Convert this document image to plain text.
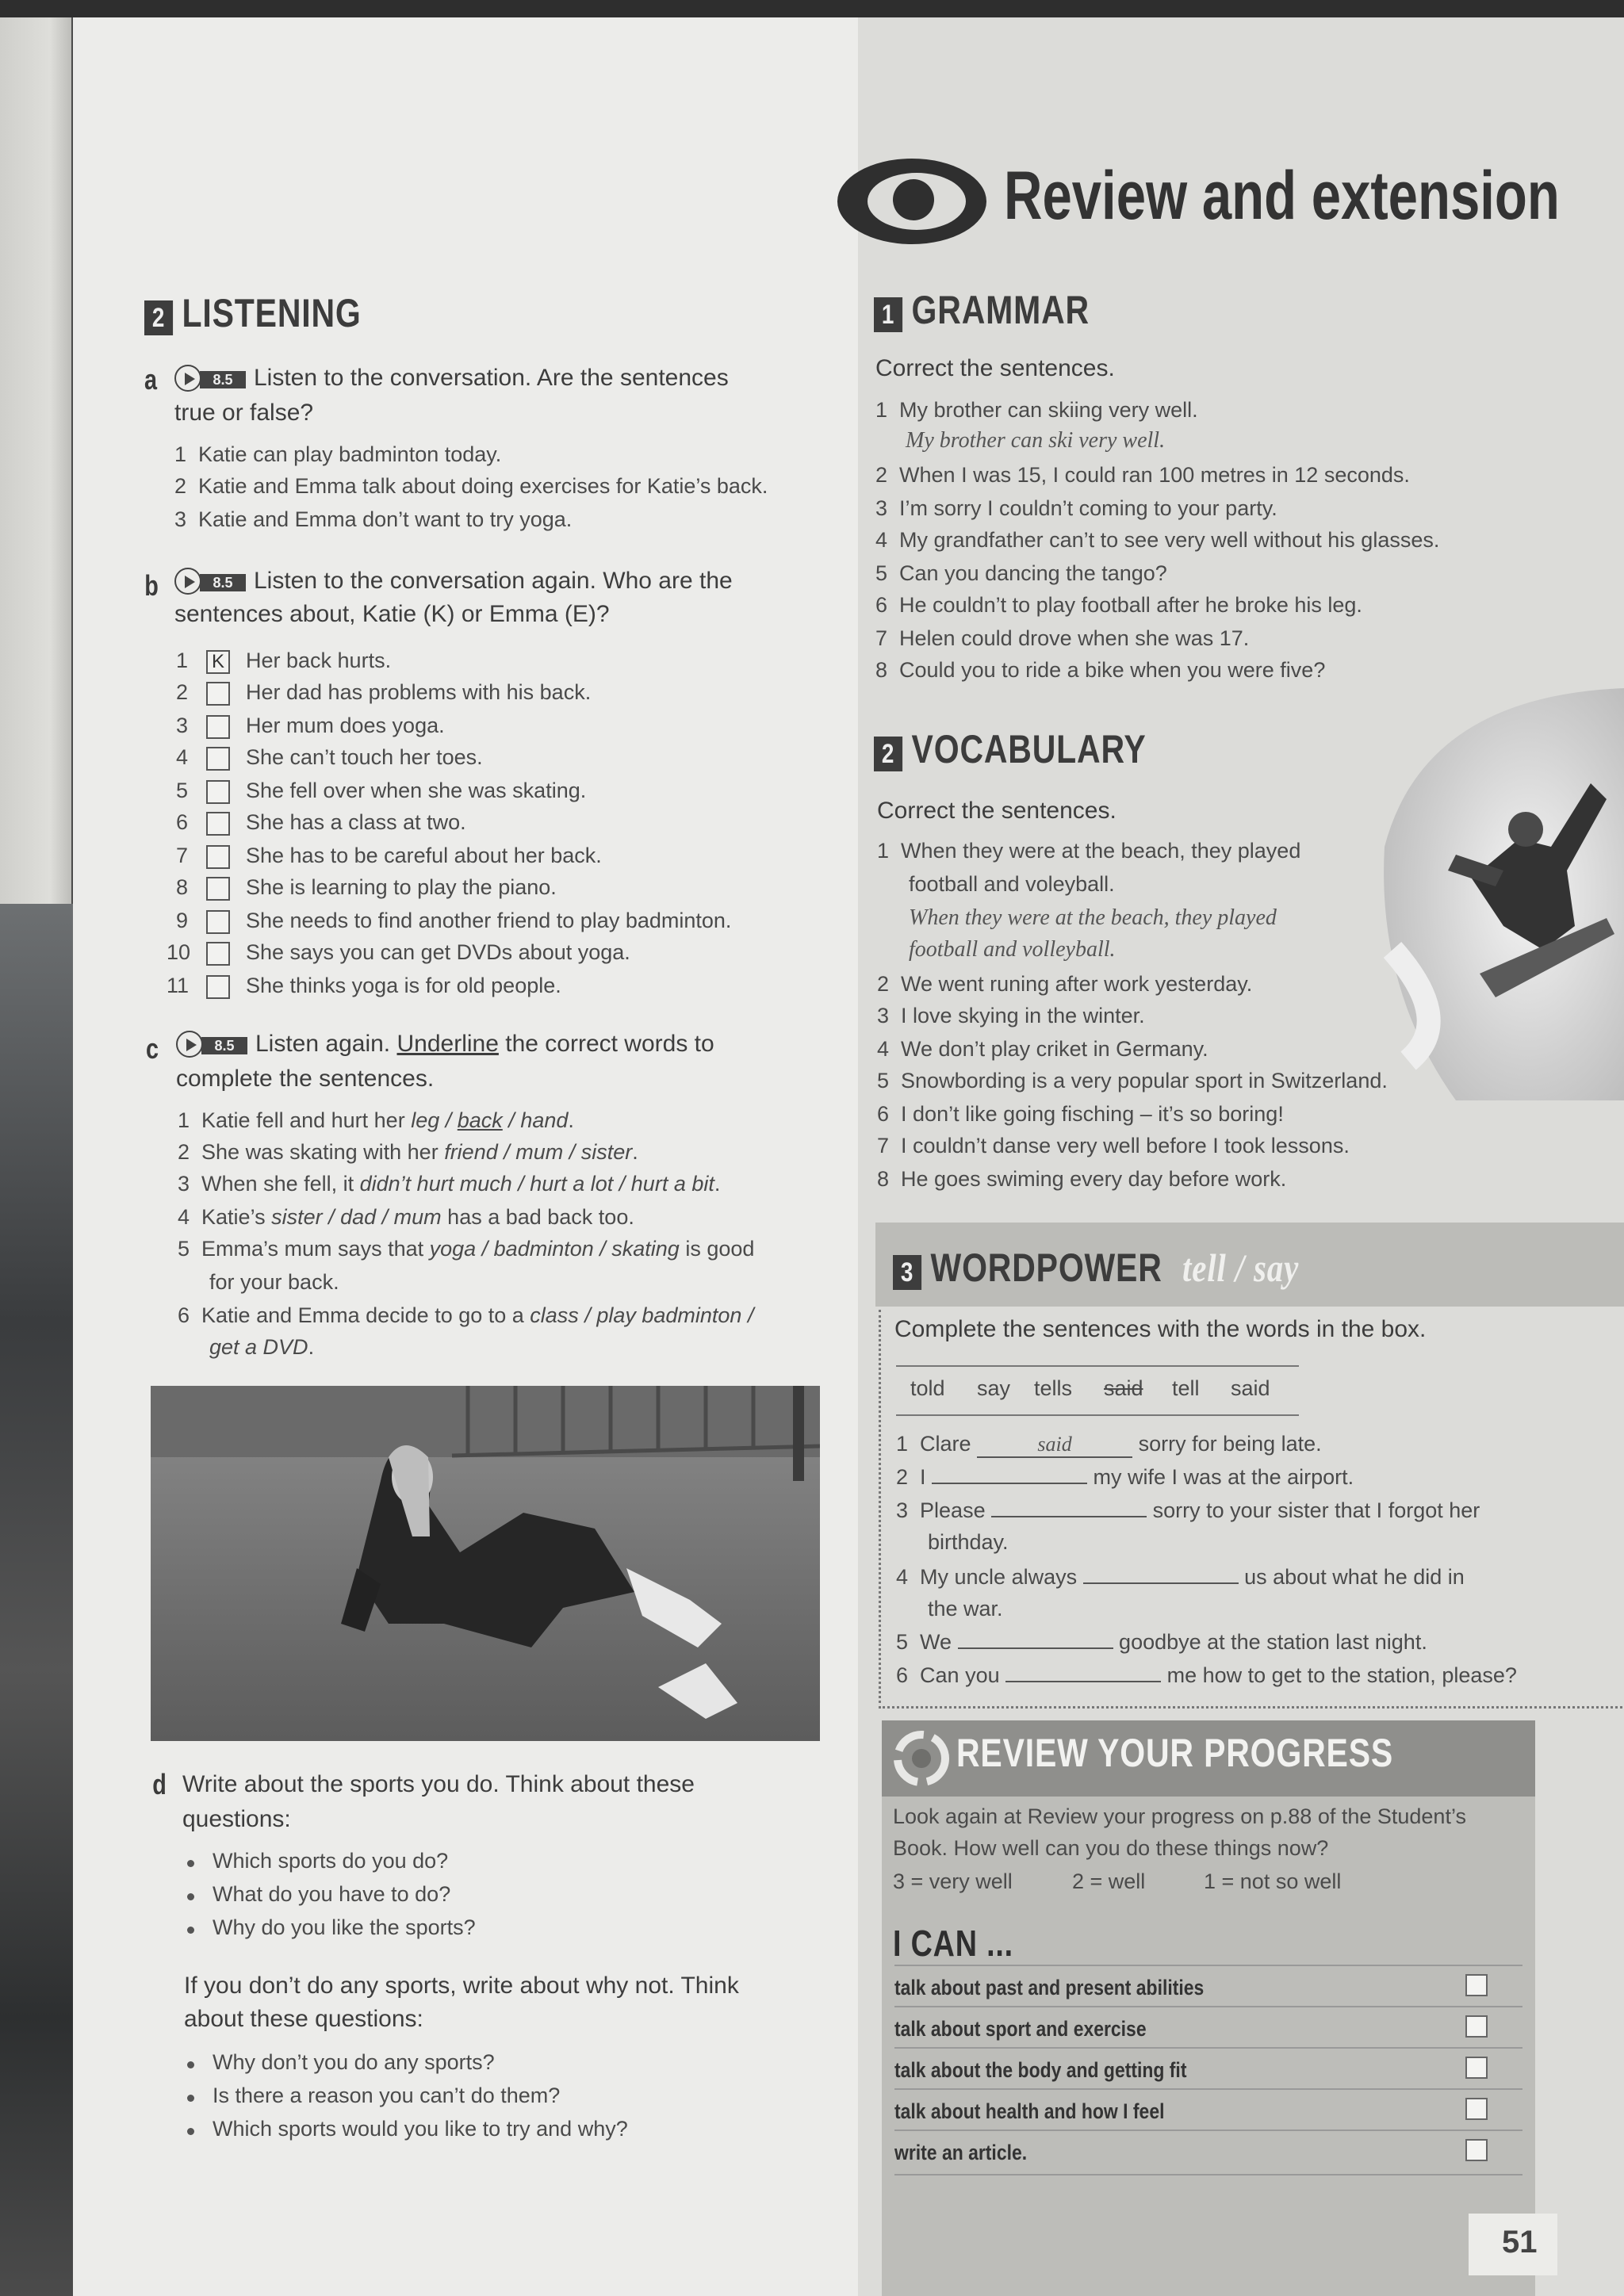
Review and extension
2 LISTENING
a	8.5 Listen to the conversation. Are the sentences
true or false?
1  Katie can play badminton today.
2  Katie and Emma talk about doing exercises for Katie’s back.
3  Katie and Emma don’t want to try yoga.
b	8.5 Listen to the conversation again. Who are the
sentences about, Katie (K) or Emma (E)?
1 K Her back hurts.
2	Her dad has problems with his back.
3	Her mum does yoga.
4	She can’t touch her toes.
5	She fell over when she was skating.
6	She has a class at two.
7	She has to be careful about her back.
8	She is learning to play the piano.
9	She needs to find another friend to play badminton.
10	She says you can get DVDs about yoga.
11	She thinks yoga is for old people.
c	8.5 Listen again. Underline the correct words to
complete the sentences.
1  Katie fell and hurt her leg / back / hand.
2  She was skating with her friend / mum / sister.
3  When she fell, it didn’t hurt much / hurt a lot / hurt a bit.
4  Katie’s sister / dad / mum has a bad back too.
5  Emma’s mum says that yoga / badminton / skating is good
for your back.
6  Katie and Emma decide to go to a class / play badminton /
get a DVD.
d Write about the sports you do. Think about these
questions:
Which sports do you do?
What do you have to do?
Why do you like the sports?
If you don’t do any sports, write about why not. Think
about these questions:
Why don’t you do any sports?
Is there a reason you can’t do them?
Which sports would you like to try and why?
1 GRAMMAR
Correct the sentences.
1  My brother can skiing very well.
2  When I was 15, I could ran 100 metres in 12 seconds.
3  I’m sorry I couldn’t coming to your party.
4  My grandfather can’t to see very well without his glasses.
5  Can you dancing the tango?
6  He couldn’t to play football after he broke his leg.
7  Helen could drove when she was 17.
8  Could you to ride a bike when you were five?
My brother can ski very well.
2 VOCABULARY
Correct the sentences.
1  When they were at the beach, they played
football and voleyball.
When they were at the beach, they played
football and volleyball.
2  We went runing after work yesterday.
3  I love skying in the winter.
4  We don’t play criket in Germany.
5  Snowbording is a very popular sport in Switzerland.
6  I don’t like going fisching – it’s so boring!
7  I couldn’t danse very well before I took lessons.
8  He goes swiming every day before work.
3 WORDPOWER tell / say
Complete the sentences with the words in the box.
told say tells said tell said
1  Clare	said	sorry for being late.
2  I	my wife I was at the airport.
3  Please	sorry to your sister that I forgot her
birthday.
4  My uncle always	us about what he did in
the war.
5  We	goodbye at the station last night.
6  Can you	me how to get to the station, please?
REVIEW YOUR PROGRESS
Look again at Review your progress on p.88 of the Student’s
Book. How well can you do these things now?
3 = very well	2 = well	1 = not so well
I CAN ...
talk about past and present abilities
talk about sport and exercise
talk about the body and getting fit
talk about health and how I feel
write an article.
51
